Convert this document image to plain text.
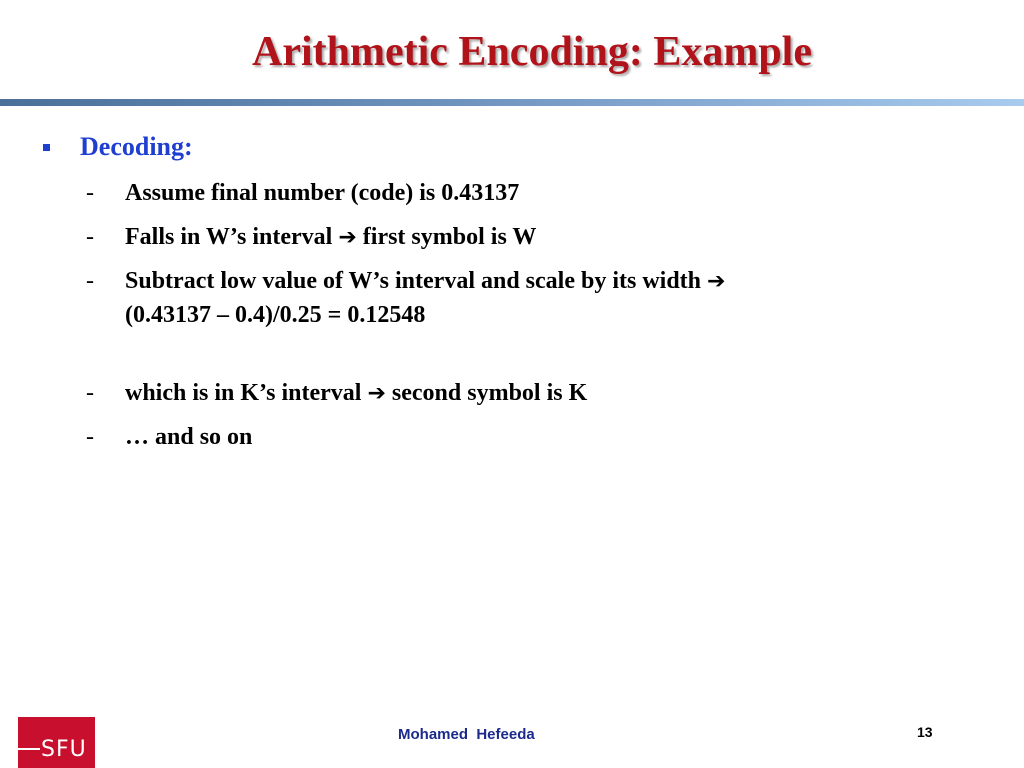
Arithmetic Encoding: Example
Decoding:
- Assume final number (code) is 0.43137
- Falls in W’s interval ➔ first symbol is W
- Subtract low value of W’s interval and scale by its width ➔
(0.43137 – 0.4)/0.25 = 0.12548
- which is in K’s interval ➔ second symbol is K
- … and so on
SFU
Mohamed  Hefeeda	13
